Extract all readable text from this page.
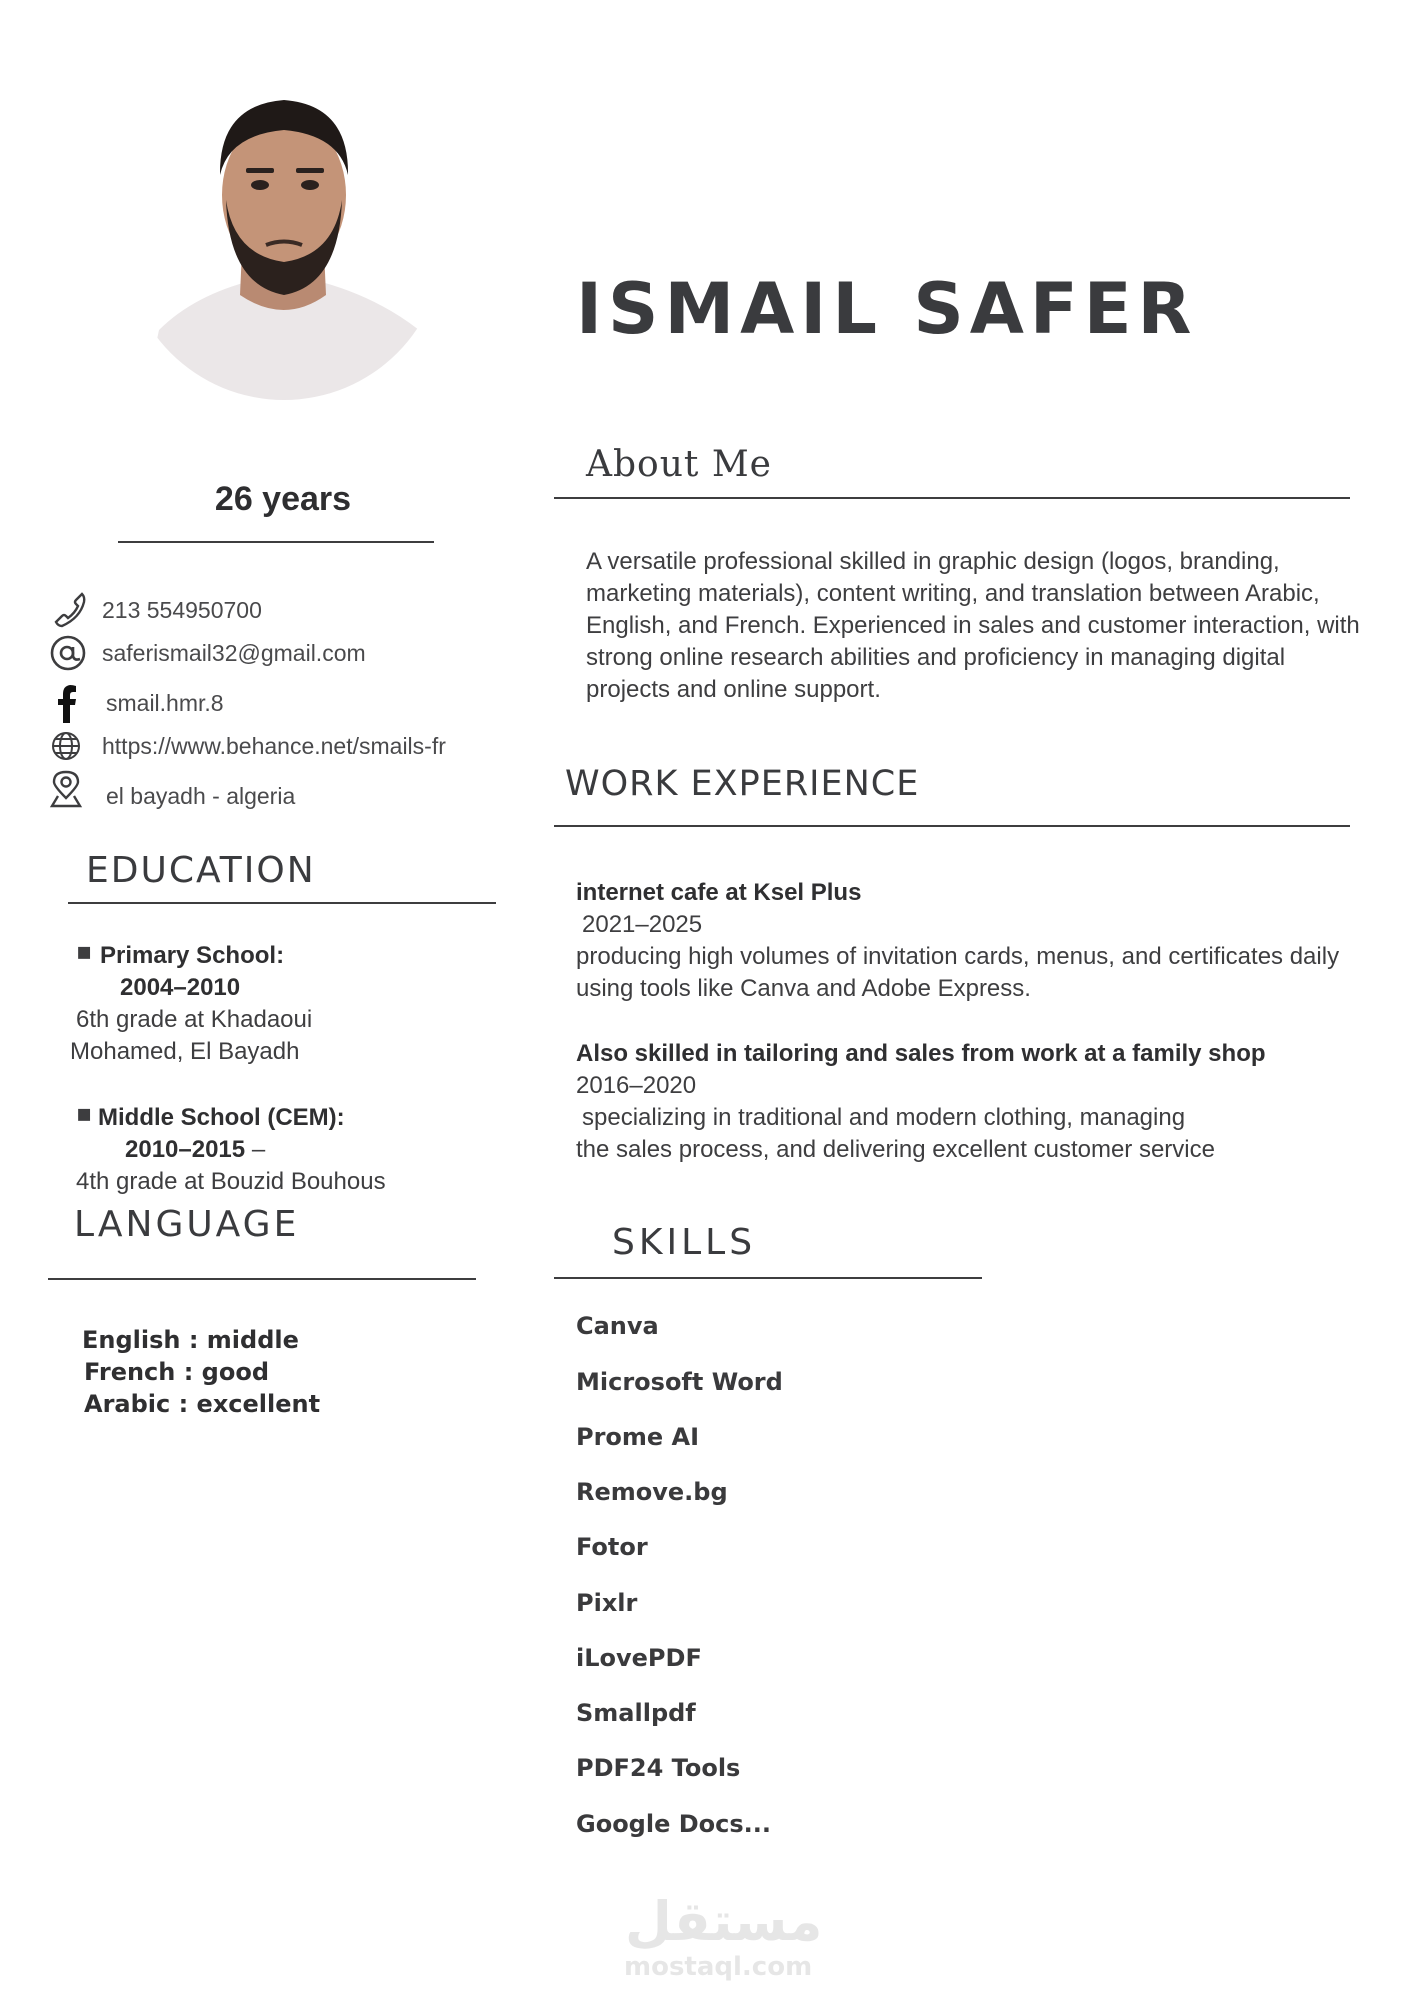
ISMAIL SAFER
26 years
213 554950700
saferismail32@gmail.com
smail.hmr.8
https://www.behance.net/smails-fr
el bayadh - algeria
About Me
A versatile professional skilled in graphic design (logos, branding, marketing materials), content writing, and translation between Arabic, English, and French. Experienced in sales and customer interaction, with strong online research abilities and proficiency in managing digital projects and online support.
WORK EXPERIENCE
internet cafe at Ksel Plus
2021–2025
producing high volumes of invitation cards, menus, and certificates daily using tools like Canva and Adobe Express.
Also skilled in tailoring and sales from work at a family shop
2016–2020
specializing in traditional and modern clothing, managing
the sales process, and delivering excellent customer service
EDUCATION
▪ Primary School:
2004–2010
6th grade at Khadaoui
Mohamed, El Bayadh
▪ Middle School (CEM):
2010–2015 –
4th grade at Bouzid Bouhous
LANGUAGE
English : middle
French : good
Arabic : excellent
SKILLS
Canva
Microsoft Word
Prome AI
Remove.bg
Fotor
Pixlr
iLovePDF
Smallpdf
PDF24 Tools
Google Docs...
مستقل
mostaql.com
